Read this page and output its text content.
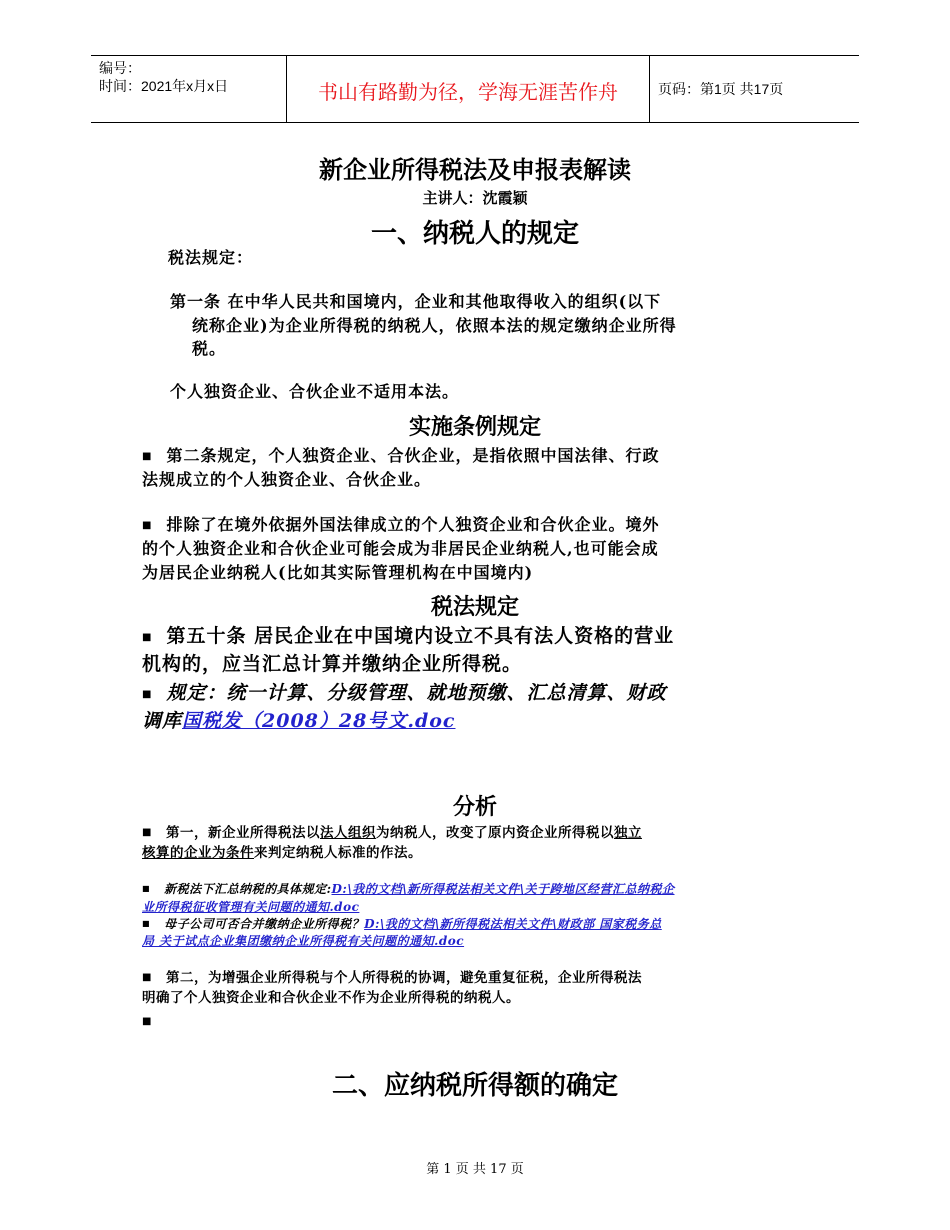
编号：
时间：2021年x月x日	书山有路勤为径，学海无涯苦作舟	页码：第1页 共17页
新企业所得税法及申报表解读
主讲人：沈霞颖
一、纳税人的规定
税法规定：
第一条 在中华人民共和国境内，企业和其他取得收入的组织(以下
统称企业)为企业所得税的纳税人，依照本法的规定缴纳企业所得
税。
个人独资企业、合伙企业不适用本法。
实施条例规定
■ 第二条规定，个人独资企业、合伙企业，是指依照中国法律、行政
法规成立的个人独资企业、合伙企业。
■ 排除了在境外依据外国法律成立的个人独资企业和合伙企业。境外
的个人独资企业和合伙企业可能会成为非居民企业纳税人,也可能会成
为居民企业纳税人(比如其实际管理机构在中国境内)
税法规定
■ 第五十条 居民企业在中国境内设立不具有法人资格的营业
机构的，应当汇总计算并缴纳企业所得税。
■ 规定：统一计算、分级管理、就地预缴、汇总清算、财政
调库国税发（2008）28号文.doc
分析
■ 第一，新企业所得税法以法人组织为纳税人，改变了原内资企业所得税以独立
核算的企业为条件来判定纳税人标准的作法。
■ 新税法下汇总纳税的具体规定:D:\我的文档\新所得税法相关文件\关于跨地区经营汇总纳税企
业所得税征收管理有关问题的通知.doc
■ 母子公司可否合并缴纳企业所得税？D:\我的文档\新所得税法相关文件\财政部 国家税务总
局 关于试点企业集团缴纳企业所得税有关问题的通知.doc
■ 第二，为增强企业所得税与个人所得税的协调，避免重复征税，企业所得税法
明确了个人独资企业和合伙企业不作为企业所得税的纳税人。
■
二、应纳税所得额的确定
第 1 页 共 17 页
